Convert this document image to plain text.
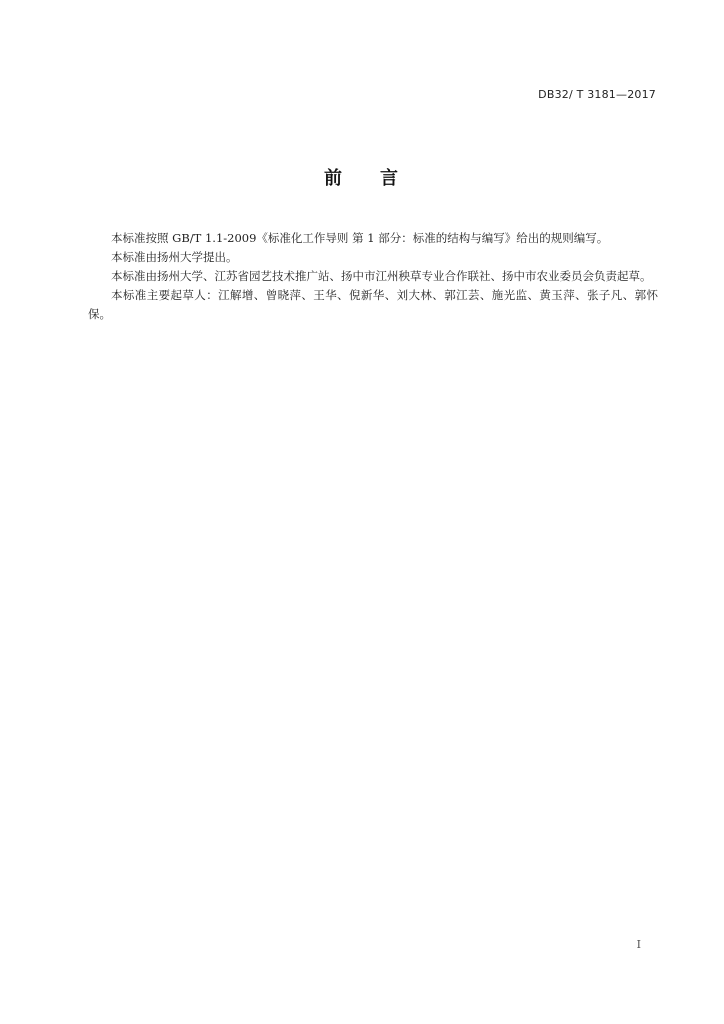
DB32/ T 3181—2017
前 言

本标准按照 GB/T 1.1-2009《标准化工作导则 第 1 部分：标准的结构与编写》给出的规则编写。

本标准由扬州大学提出。

本标准由扬州大学、江苏省园艺技术推广站、扬中市江州秧草专业合作联社、扬中市农业委员会负责起草。

本标准主要起草人：江解增、曾晓萍、王华、倪新华、刘大林、郭江芸、施光监、黄玉萍、张子凡、郭怀保。

I
